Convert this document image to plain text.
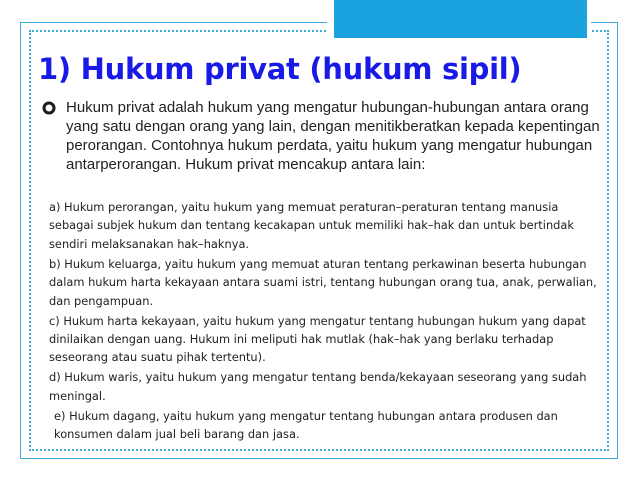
1) Hukum privat (hukum sipil)
Hukum privat adalah hukum yang mengatur hubungan-hubungan antara orang yang satu dengan orang yang lain, dengan menitikberatkan kepada kepentingan perorangan. Contohnya hukum perdata, yaitu hukum yang mengatur hubungan antarperorangan. Hukum privat mencakup antara lain:
a) Hukum perorangan, yaitu hukum yang memuat peraturan–peraturan tentang manusia sebagai subjek hukum dan tentang kecakapan untuk memiliki hak–hak dan untuk bertindak sendiri melaksanakan hak–haknya.
b) Hukum keluarga, yaitu hukum yang memuat aturan tentang perkawinan beserta hubungan dalam hukum harta kekayaan antara suami istri, tentang hubungan orang tua, anak, perwalian, dan pengampuan.
c) Hukum harta kekayaan, yaitu hukum yang mengatur tentang hubungan hukum yang dapat dinilaikan dengan uang. Hukum ini meliputi hak mutlak (hak–hak yang berlaku terhadap seseorang atau suatu pihak tertentu).
d) Hukum waris, yaitu hukum yang mengatur tentang benda/kekayaan seseorang yang sudah meningal.
e) Hukum dagang, yaitu hukum yang mengatur tentang hubungan antara produsen dan konsumen dalam jual beli barang dan jasa.
